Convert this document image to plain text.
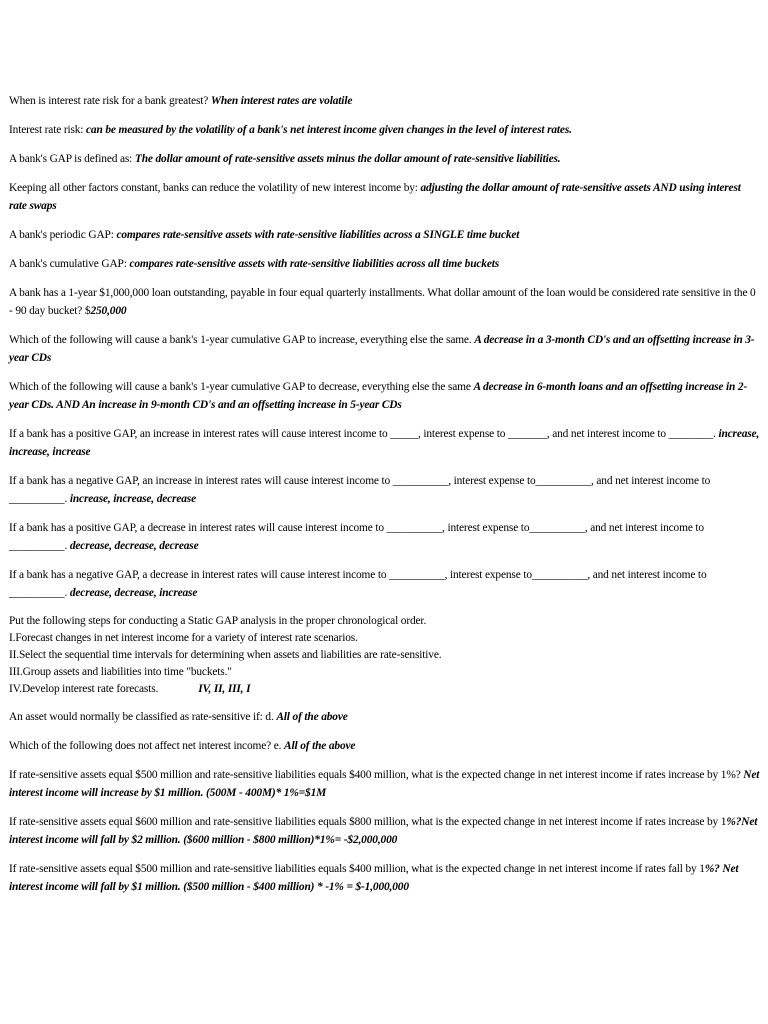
When is interest rate risk for a bank greatest? When interest rates are volatile

Interest rate risk: can be measured by the volatility of a bank's net interest income given changes in the level of interest rates.

A bank's GAP is defined as: The dollar amount of rate-sensitive assets minus the dollar amount of rate-sensitive liabilities.

Keeping all other factors constant, banks can reduce the volatility of new interest income by: adjusting the dollar amount of rate-sensitive assets AND using interest rate swaps

A bank's periodic GAP: compares rate-sensitive assets with rate-sensitive liabilities across a SINGLE time bucket

A bank's cumulative GAP: compares rate-sensitive assets with rate-sensitive liabilities across all time buckets

A bank has a 1-year $1,000,000 loan outstanding, payable in four equal quarterly installments. What dollar amount of the loan would be considered rate sensitive in the 0 - 90 day bucket? $250,000

Which of the following will cause a bank's 1-year cumulative GAP to increase, everything else the same. A decrease in a 3-month CD's and an offsetting increase in 3-year CDs

Which of the following will cause a bank's 1-year cumulative GAP to decrease, everything else the same A decrease in 6-month loans and an offsetting increase in 2-year CDs. AND An increase in 9-month CD's and an offsetting increase in 5-year CDs

If a bank has a positive GAP, an increase in interest rates will cause interest income to _____, interest expense to _______, and net interest income to ________. increase, increase, increase

If a bank has a negative GAP, an increase in interest rates will cause interest income to __________, interest expense to__________, and net interest income to __________. increase, increase, decrease

If a bank has a positive GAP, a decrease in interest rates will cause interest income to __________, interest expense to__________, and net interest income to __________. decrease, decrease, decrease

If a bank has a negative GAP, a decrease in interest rates will cause interest income to __________, interest expense to__________, and net interest income to __________. decrease, decrease, increase

Put the following steps for conducting a Static GAP analysis in the proper chronological order.
I.Forecast changes in net interest income for a variety of interest rate scenarios.
II.Select the sequential time intervals for determining when assets and liabilities are rate-sensitive.
III.Group assets and liabilities into time "buckets."
IV.Develop interest rate forecasts.	IV, II, III, I

An asset would normally be classified as rate-sensitive if: d. All of the above

Which of the following does not affect net interest income? e. All of the above

If rate-sensitive assets equal $500 million and rate-sensitive liabilities equals $400 million, what is the expected change in net interest income if rates increase by 1%? Net interest income will increase by $1 million. (500M - 400M)* 1%=$1M

If rate-sensitive assets equal $600 million and rate-sensitive liabilities equals $800 million, what is the expected change in net interest income if rates increase by 1%?Net interest income will fall by $2 million. ($600 million - $800 million)*1%= -$2,000,000

If rate-sensitive assets equal $500 million and rate-sensitive liabilities equals $400 million, what is the expected change in net interest income if rates fall by 1%? Net interest income will fall by $1 million. ($500 million - $400 million) * -1% = $-1,000,000
